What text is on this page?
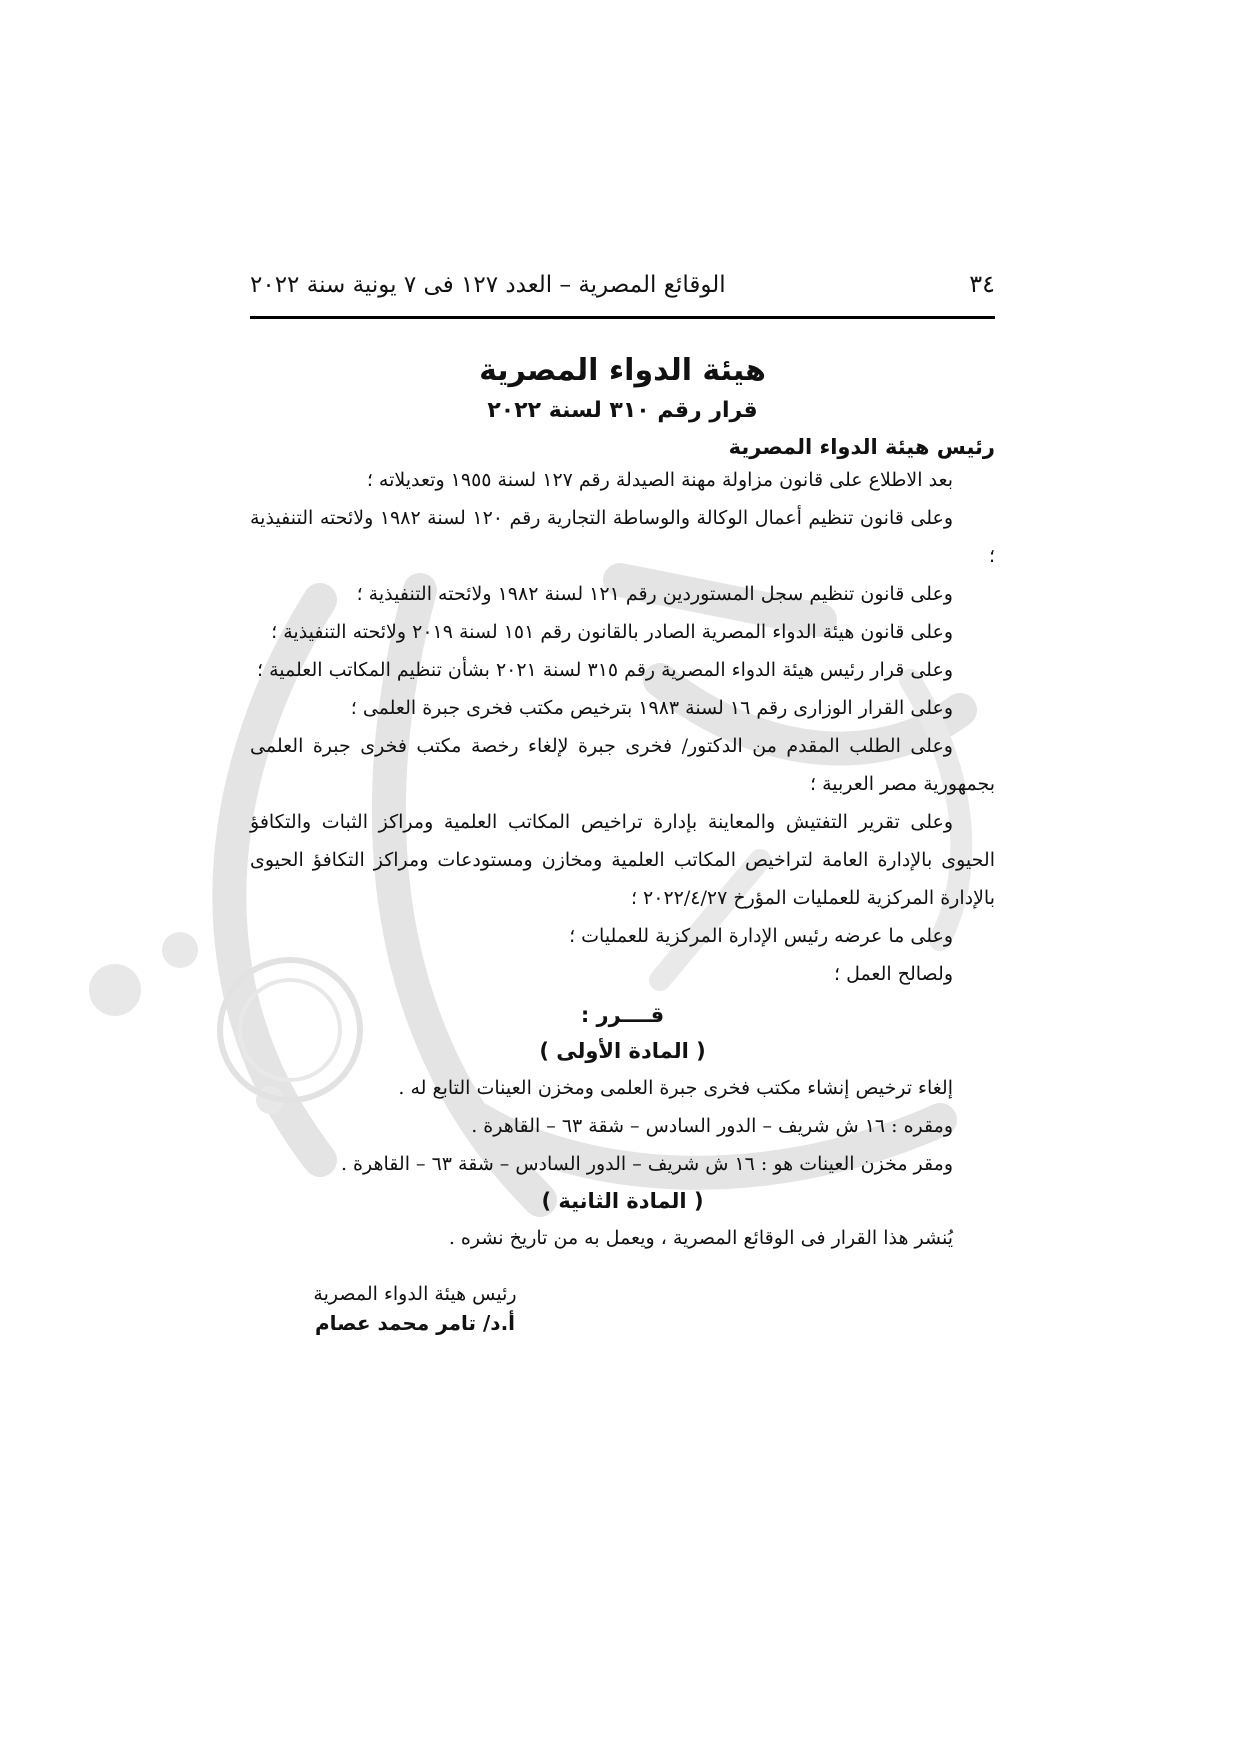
٣٤
الوقائع المصرية – العدد ١٢٧ فى ٧ يونية سنة ٢٠٢٢
هيئة الدواء المصرية
قرار رقم ٣١٠ لسنة ٢٠٢٢
رئيس هيئة الدواء المصرية
بعد الاطلاع على قانون مزاولة مهنة الصيدلة رقم ١٢٧ لسنة ١٩٥٥ وتعديلاته ؛
وعلى قانون تنظيم أعمال الوكالة والوساطة التجارية رقم ١٢٠ لسنة ١٩٨٢ ولائحته التنفيذية ؛
وعلى قانون تنظيم سجل المستوردين رقم ١٢١ لسنة ١٩٨٢ ولائحته التنفيذية ؛
وعلى قانون هيئة الدواء المصرية الصادر بالقانون رقم ١٥١ لسنة ٢٠١٩ ولائحته التنفيذية ؛
وعلى قرار رئيس هيئة الدواء المصرية رقم ٣١٥ لسنة ٢٠٢١ بشأن تنظيم المكاتب العلمية ؛
وعلى القرار الوزارى رقم ١٦ لسنة ١٩٨٣ بترخيص مكتب فخرى جبرة العلمى ؛
وعلى الطلب المقدم من الدكتور/ فخرى جبرة لإلغاء رخصة مكتب فخرى جبرة العلمى بجمهورية مصر العربية ؛
وعلى تقرير التفتيش والمعاينة بإدارة تراخيص المكاتب العلمية ومراكز الثبات والتكافؤ الحيوى بالإدارة العامة لتراخيص المكاتب العلمية ومخازن ومستودعات ومراكز التكافؤ الحيوى بالإدارة المركزية للعمليات المؤرخ ٢٠٢٢/٤/٢٧ ؛
وعلى ما عرضه رئيس الإدارة المركزية للعمليات ؛
ولصالح العمل ؛
قــــرر :
( المادة الأولى )
إلغاء ترخيص إنشاء مكتب فخرى جبرة العلمى ومخزن العينات التابع له .
ومقره : ١٦ ش شريف – الدور السادس – شقة ٦٣ – القاهرة .
ومقر مخزن العينات هو : ١٦ ش شريف – الدور السادس – شقة ٦٣ – القاهرة .
( المادة الثانية )
يُنشر هذا القرار فى الوقائع المصرية ، ويعمل به من تاريخ نشره .
رئيس هيئة الدواء المصرية
أ.د/ تامر محمد عصام
